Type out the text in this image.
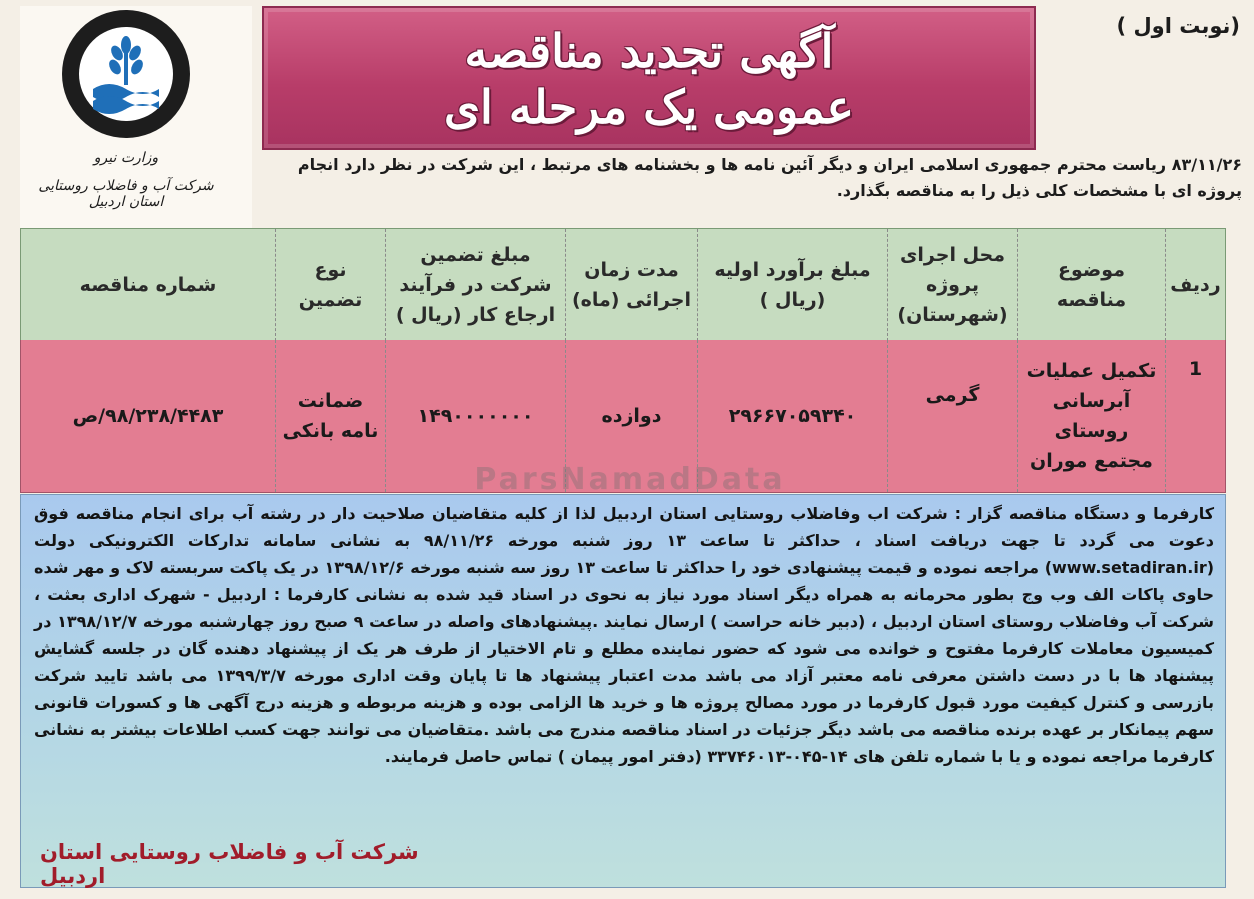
وزارت نیرو
شرکت آب و فاضلاب روستایی استان اردبیل
آگهی تجدید مناقصه
عمومی یک مرحله ای
(نوبت اول )
۸۳/۱۱/۲۶ ریاست محترم جمهوری اسلامی ایران و دیگر آئین نامه ها و بخشنامه های مرتبط ، این شرکت در نظر دارد انجام پروژه ای با مشخصات کلی ذیل را به مناقصه بگذارد.
ردیف
موضوع مناقصه
محل اجرای پروژه (شهرستان)
مبلغ برآورد اولیه (ریال )
مدت زمان اجرائی (ماه)
مبلغ تضمین شرکت در فرآیند ارجاع کار (ریال )
نوع تضمین
شماره مناقصه
1
تکمیل عملیات آبرسانی روستای مجتمع موران
گرمی
۲۹۶۶۷۰۵۹۳۴۰
دوازده
۱۴۹۰۰۰۰۰۰۰
ضمانت نامه بانکی
۹۸/۲۳۸/۴۴۸۳/ص
کارفرما و دستگاه مناقصه گزار : شرکت اب وفاضلاب روستایی استان اردبیل لذا از کلیه متقاضیان صلاحیت دار در رشته آب برای انجام مناقصه فوق دعوت می گردد تا جهت دریافت اسناد ، حداکثر تا ساعت ۱۳ روز شنبه مورخه ۹۸/۱۱/۲۶ به نشانی سامانه تدارکات الکترونیکی دولت (www.setadiran.ir) مراجعه نموده و قیمت پیشنهادی خود را حداکثر تا ساعت ۱۳ روز سه شنبه مورخه ۱۳۹۸/۱۲/۶ در یک پاکت سربسته لاک و مهر شده حاوی پاکات الف وب وج بطور محرمانه به همراه دیگر اسناد مورد نیاز به نحوی در اسناد قید شده به نشانی کارفرما : اردبیل - شهرک اداری بعثت ، شرکت آب وفاضلاب روستای استان اردبیل ، (دبیر خانه حراست ) ارسال نمایند .پیشنهادهای واصله در ساعت ۹ صبح روز چهارشنبه مورخه ۱۳۹۸/۱۲/۷ در کمیسیون معاملات کارفرما مفتوح و خوانده می شود که حضور نماینده مطلع و تام الاختیار از طرف هر یک از پیشنهاد دهنده گان در جلسه گشایش پیشنهاد ها با در دست داشتن معرفی نامه معتبر آزاد می باشد مدت اعتبار پیشنهاد ها تا پایان وقت اداری مورخه ۱۳۹۹/۳/۷ می باشد تایید شرکت بازرسی و کنترل کیفیت مورد قبول کارفرما در مورد مصالح پروژه ها و خرید ها الزامی بوده و هزینه مربوطه و هزینه درج آگهی ها و کسورات قانونی سهم پیمانکار بر عهده برنده مناقصه می باشد دیگر جزئیات در اسناد مناقصه مندرج می باشد .متقاضیان می توانند جهت کسب اطلاعات بیشتر به نشانی کارفرما مراجعه نموده و یا با شماره تلفن های ۱۴-۰۴۵-۳۳۷۴۶۰۱۳ (دفتر امور پیمان ) تماس حاصل فرمایند.
شرکت آب و فاضلاب روستایی استان اردبیل
ParsNamadData
